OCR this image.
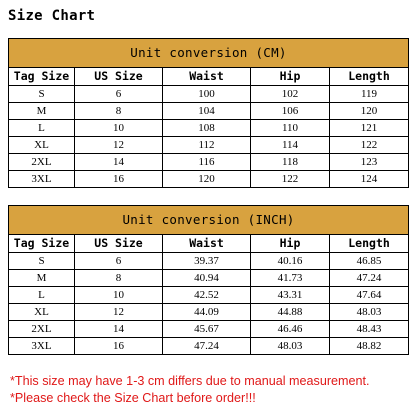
Size Chart
Unit conversion (CM)				
Tag Size	US Size	Waist	Hip	Length
S	6	100	102	119
M	8	104	106	120
L	10	108	110	121
XL	12	112	114	122
2XL	14	116	118	123
3XL	16	120	122	124
Unit conversion (INCH)				
Tag Size	US Size	Waist	Hip	Length
S	6	39.37	40.16	46.85
M	8	40.94	41.73	47.24
L	10	42.52	43.31	47.64
XL	12	44.09	44.88	48.03
2XL	14	45.67	46.46	48.43
3XL	16	47.24	48.03	48.82
*This size may have 1-3 cm differs due to manual measurement.
*Please check the Size Chart before order!!!
